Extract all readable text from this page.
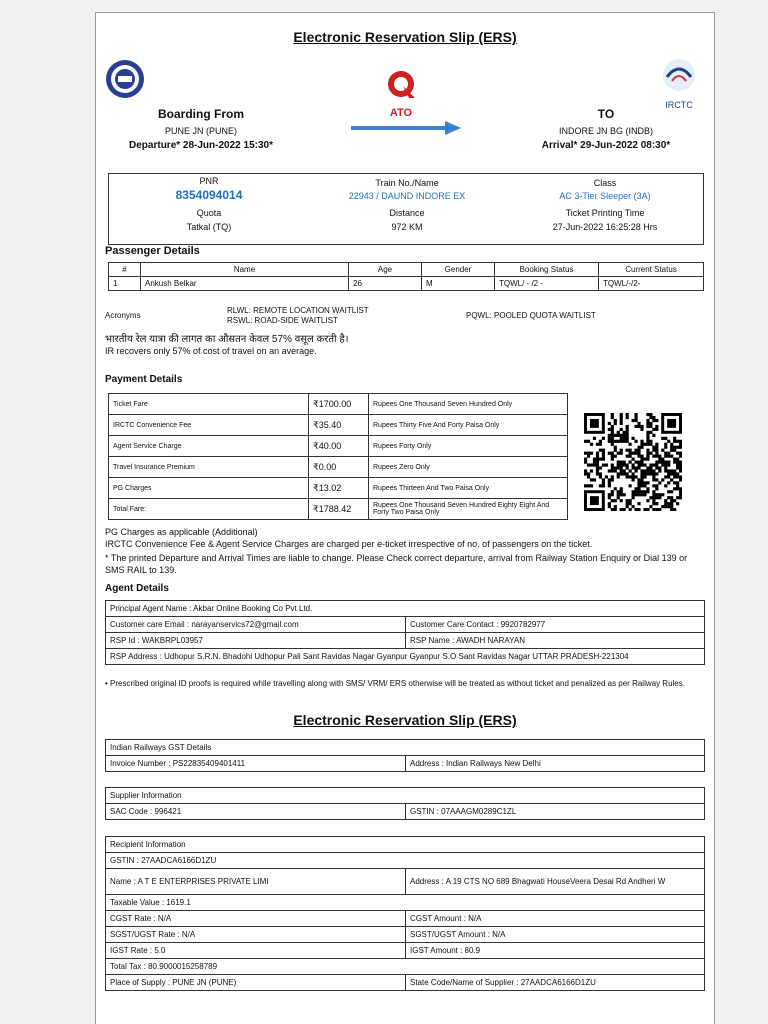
Electronic Reservation Slip (ERS)
ATO
IRCTC
Boarding From
PUNE JN (PUNE)
Departure* 28-Jun-2022 15:30*
TO
INDORE JN BG (INDB)
Arrival* 29-Jun-2022 08:30*
PNR
8354094014
Train No./Name
22943 / DAUND INDORE EX
Class
AC 3-Tier Sleeper (3A)
Quota
Tatkal (TQ)
Distance
972 KM
Ticket Printing Time
27-Jun-2022 16:25:28 Hrs
Passenger Details
#	Name	Age	Gender	Booking Status	Current Status
1	Ankush Belkar	26	M	TQWL/ - /2 -	TQWL/-/2-
Acronyms
RLWL: REMOTE LOCATION WAITLIST
RSWL: ROAD-SIDE WAITLIST
PQWL: POOLED QUOTA WAITLIST
भारतीय रेल यात्रा की लागत का औसतन केवल 57% वसूल करती है।
IR recovers only 57% of cost of travel on an average.
Payment Details
Ticket Fare	₹1700.00	Rupees One Thousand Seven Hundred Only
IRCTC Convenience Fee	₹35.40	Rupees Thirty Five And Forty Paisa Only
Agent Service Charge	₹40.00	Rupees Forty Only
Travel Insurance Premium	₹0.00	Rupees Zero Only
PG Charges	₹13.02	Rupees Thirteen And Two Paisa Only
Total Fare:	₹1788.42	Rupees One Thousand Seven Hundred Eighty Eight And Forty Two Paisa Only
PG Charges as applicable (Additional)
IRCTC Convenience Fee & Agent Service Charges are charged per e-ticket irrespective of no. of passengers on the ticket.
* The printed Departure and Arrival Times are liable to change. Please Check correct departure, arrival from Railway Station Enquiry or Dial 139 or SMS RAIL to 139.
Agent Details
Principal Agent Name : Akbar Online Booking Co Pvt Ltd.	
Customer care Email : narayanservics72@gmail.com	Customer Care Contact : 9920782977
RSP Id : WAKBRPL03957	RSP Name : AWADH NARAYAN
RSP Address : Udhopur S.R.N. Bhadohi Udhopur Pali Sant Ravidas Nagar Gyanpur Gyanpur S.O Sant Ravidas Nagar UTTAR PRADESH-221304	
• Prescribed original ID proofs is required while travelling along with SMS/ VRM/ ERS otherwise will be treated as without ticket and penalized as per Railway Rules.
Electronic Reservation Slip (ERS)
Indian Railways GST Details
Invoice Number : PS22835409401411	Address : Indian Railways New Delhi
Supplier Information
SAC Code : 996421	GSTIN : 07AAAGM0289C1ZL
Recipient Information	
GSTIN : 27AADCA6166D1ZU	
Name : A T E ENTERPRISES PRIVATE LIMI	Address : A 19 CTS NO 689 Bhagwati HouseVeera Desai Rd Andheri W
Taxable Value : 1619.1	
CGST Rate : N/A	CGST Amount : N/A
SGST/UGST Rate : N/A	SGST/UGST Amount : N/A
IGST Rate : 5.0	IGST Amount : 80.9
Total Tax : 80.9000015258789	
Place of Supply : PUNE JN (PUNE)	State Code/Name of Supplier : 27AADCA6166D1ZU
